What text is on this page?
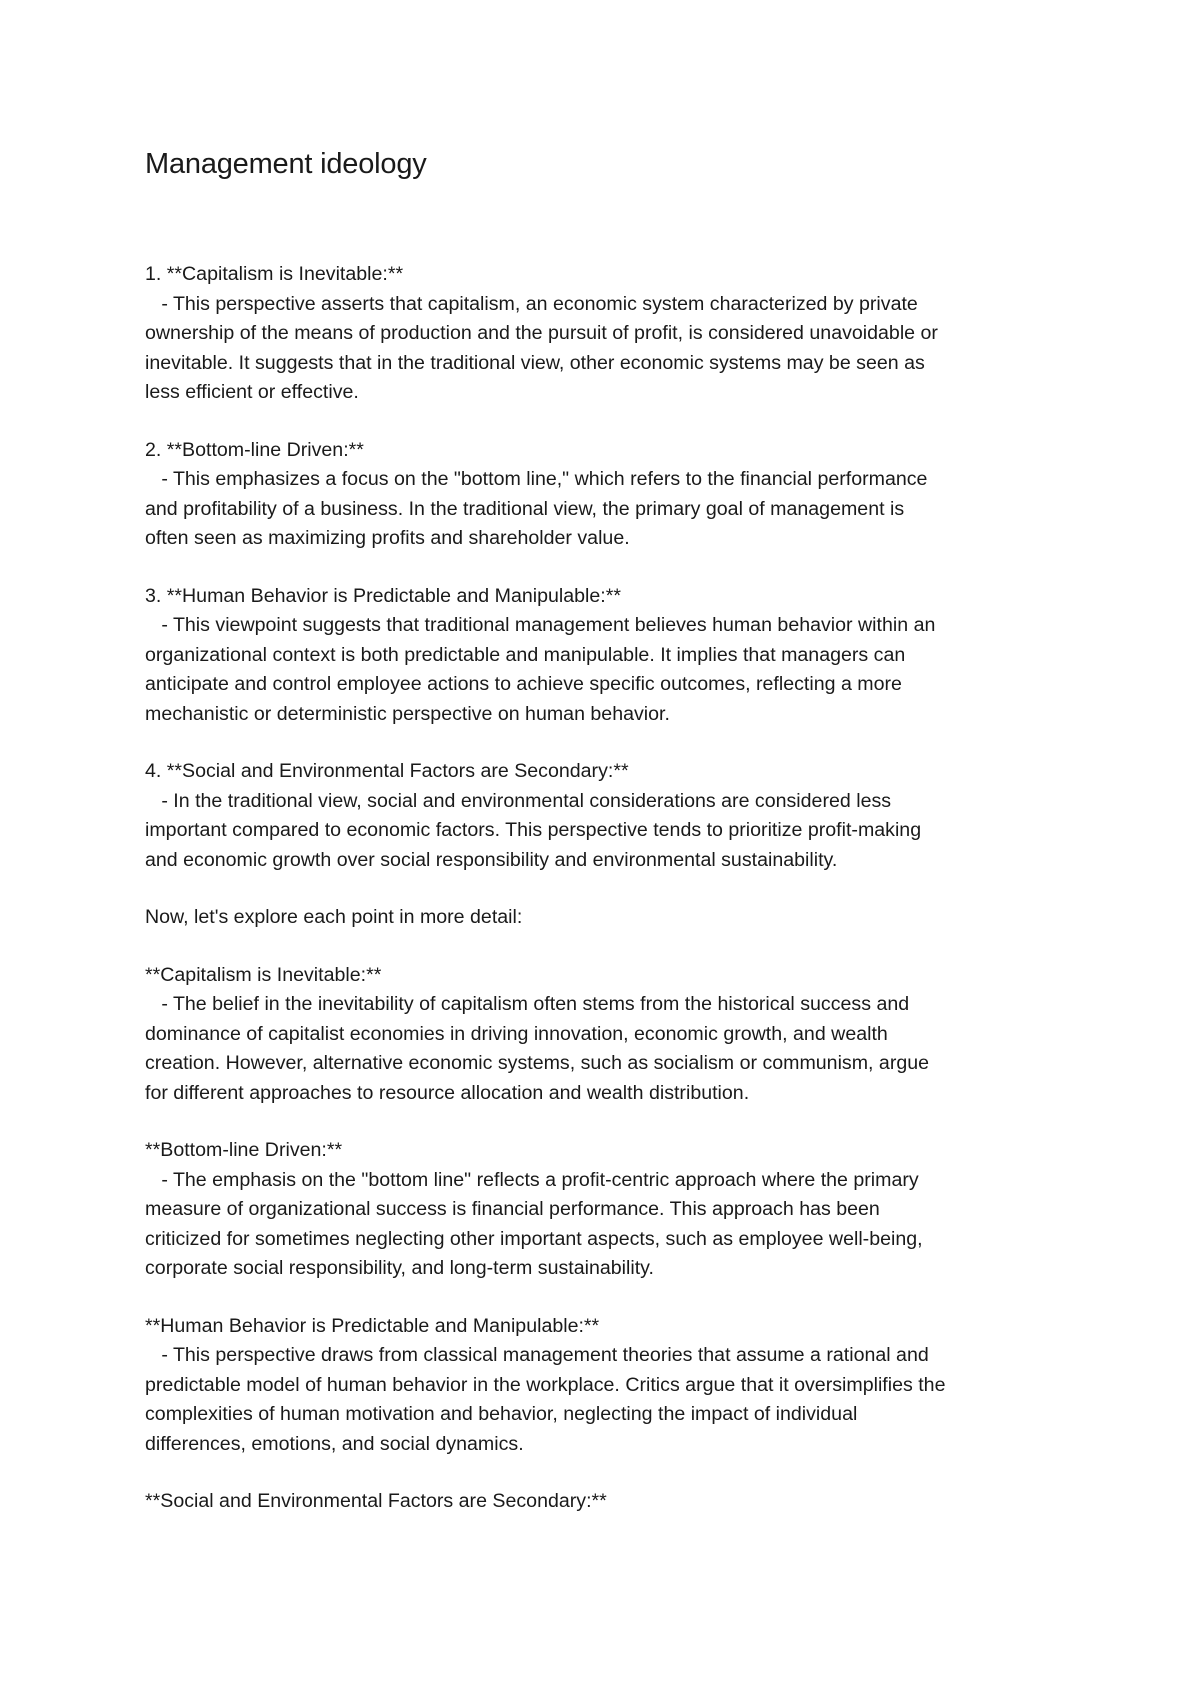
Management ideology

1. **Capitalism is Inevitable:**

- This perspective asserts that capitalism, an economic system characterized by private

ownership of the means of production and the pursuit of profit, is considered unavoidable or

inevitable. It suggests that in the traditional view, other economic systems may be seen as

less efficient or effective.

2. **Bottom-line Driven:**

- This emphasizes a focus on the "bottom line," which refers to the financial performance

and profitability of a business. In the traditional view, the primary goal of management is

often seen as maximizing profits and shareholder value.

3. **Human Behavior is Predictable and Manipulable:**

- This viewpoint suggests that traditional management believes human behavior within an

organizational context is both predictable and manipulable. It implies that managers can

anticipate and control employee actions to achieve specific outcomes, reflecting a more

mechanistic or deterministic perspective on human behavior.

4. **Social and Environmental Factors are Secondary:**

- In the traditional view, social and environmental considerations are considered less

important compared to economic factors. This perspective tends to prioritize profit-making

and economic growth over social responsibility and environmental sustainability.

Now, let's explore each point in more detail:

**Capitalism is Inevitable:**

- The belief in the inevitability of capitalism often stems from the historical success and

dominance of capitalist economies in driving innovation, economic growth, and wealth

creation. However, alternative economic systems, such as socialism or communism, argue

for different approaches to resource allocation and wealth distribution.

**Bottom-line Driven:**

- The emphasis on the "bottom line" reflects a profit-centric approach where the primary

measure of organizational success is financial performance. This approach has been

criticized for sometimes neglecting other important aspects, such as employee well-being,

corporate social responsibility, and long-term sustainability.

**Human Behavior is Predictable and Manipulable:**

- This perspective draws from classical management theories that assume a rational and

predictable model of human behavior in the workplace. Critics argue that it oversimplifies the

complexities of human motivation and behavior, neglecting the impact of individual

differences, emotions, and social dynamics.

**Social and Environmental Factors are Secondary:**
